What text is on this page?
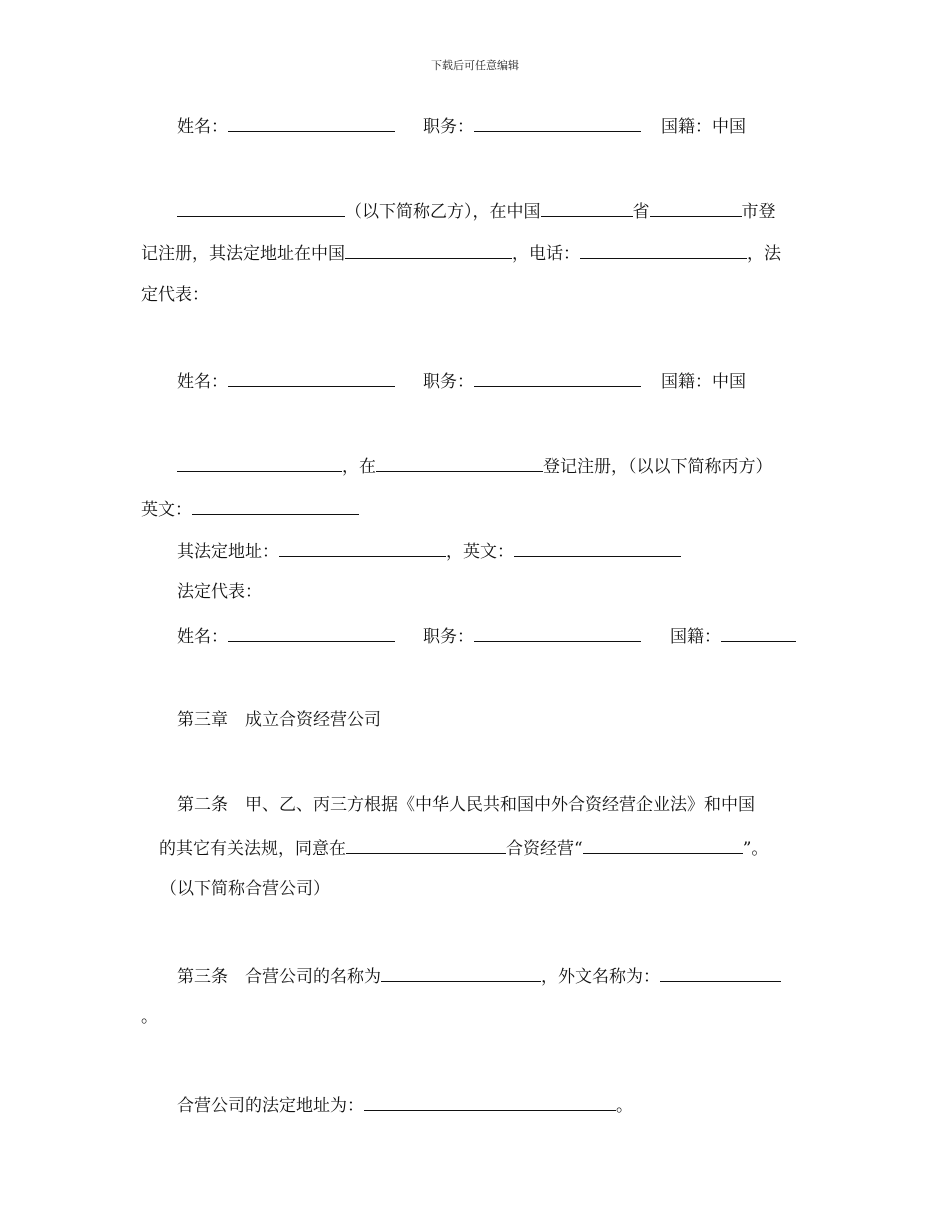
下载后可任意编辑
姓名：	职务：	国籍：中国
（以下简称乙方），在中国	省	市登
记注册，其法定地址在中国	，电话：	，法
定代表：
姓名：	职务：	国籍：中国
，在	登记注册，（以以下简称丙方）
英文：
其法定地址：	，英文：
法定代表：
姓名：	职务：	国籍：
第三章　成立合资经营公司
第二条　甲、乙、丙三方根据《中华人民共和国中外合资经营企业法》和中国
的其它有关法规，同意在	合资经营“	”。
（以下简称合营公司）
第三条　合营公司的名称为	，外文名称为：
。
合营公司的法定地址为：	。
